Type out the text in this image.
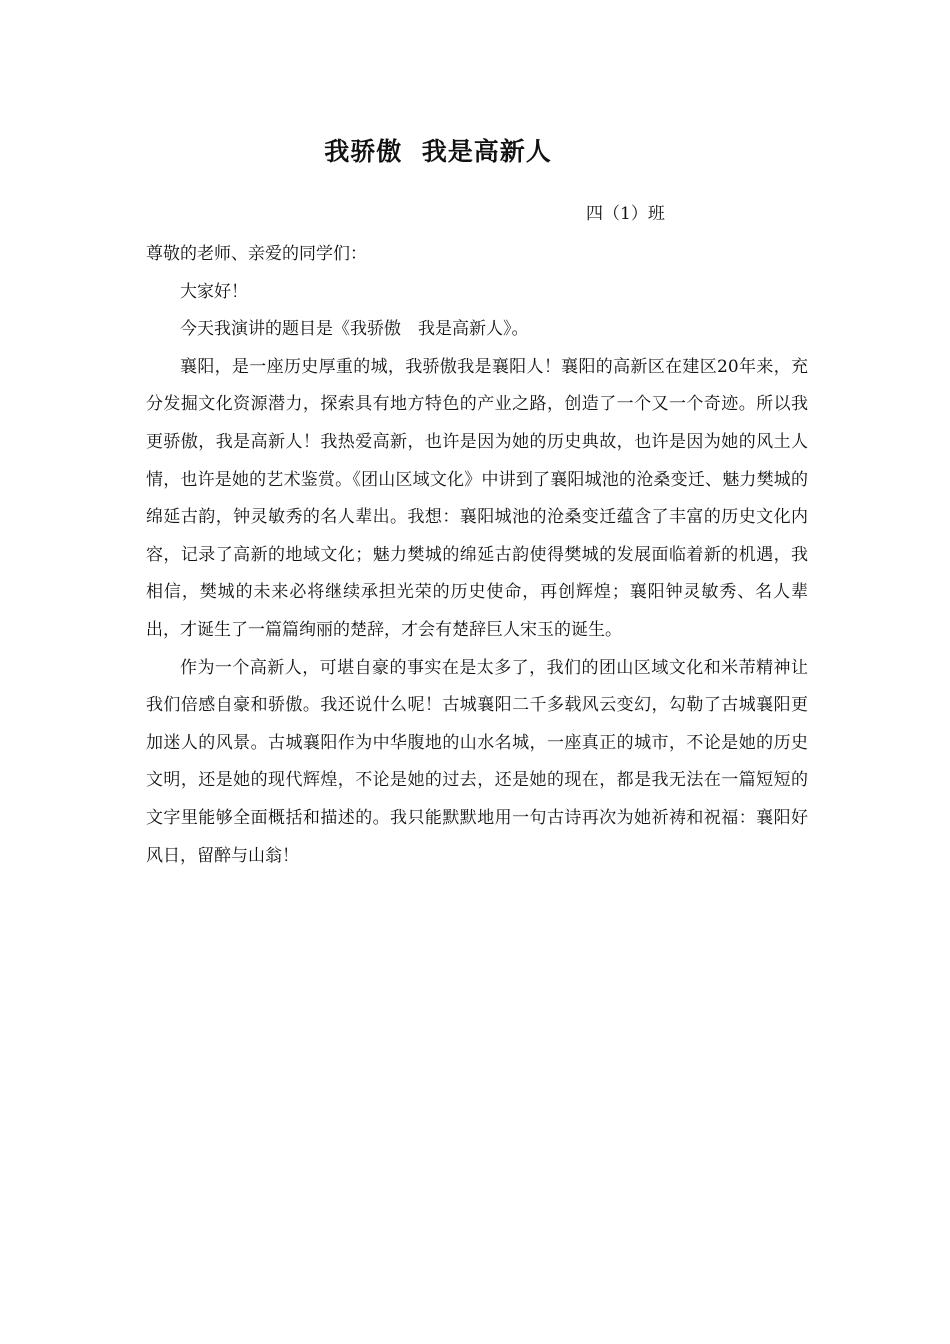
我骄傲  我是高新人
四（1）班

尊敬的老师、亲爱的同学们：

大家好！

今天我演讲的题目是《我骄傲　我是高新人》。

襄阳，是一座历史厚重的城，我骄傲我是襄阳人！襄阳的高新区在建区20年来，充分发掘文化资源潜力，探索具有地方特色的产业之路，创造了一个又一个奇迹。所以我更骄傲，我是高新人！我热爱高新，也许是因为她的历史典故，也许是因为她的风土人情，也许是她的艺术鉴赏。《团山区域文化》中讲到了襄阳城池的沧桑变迁、魅力樊城的绵延古韵，钟灵敏秀的名人辈出。我想：襄阳城池的沧桑变迁蕴含了丰富的历史文化内容，记录了高新的地域文化；魅力樊城的绵延古韵使得樊城的发展面临着新的机遇，我相信，樊城的未来必将继续承担光荣的历史使命，再创辉煌；襄阳钟灵敏秀、名人辈出，才诞生了一篇篇绚丽的楚辞，才会有楚辞巨人宋玉的诞生。

作为一个高新人，可堪自豪的事实在是太多了，我们的团山区域文化和米芾精神让我们倍感自豪和骄傲。我还说什么呢！古城襄阳二千多载风云变幻，勾勒了古城襄阳更加迷人的风景。古城襄阳作为中华腹地的山水名城，一座真正的城市，不论是她的历史文明，还是她的现代辉煌，不论是她的过去，还是她的现在，都是我无法在一篇短短的文字里能够全面概括和描述的。我只能默默地用一句古诗再次为她祈祷和祝福：襄阳好风日，留醉与山翁！
